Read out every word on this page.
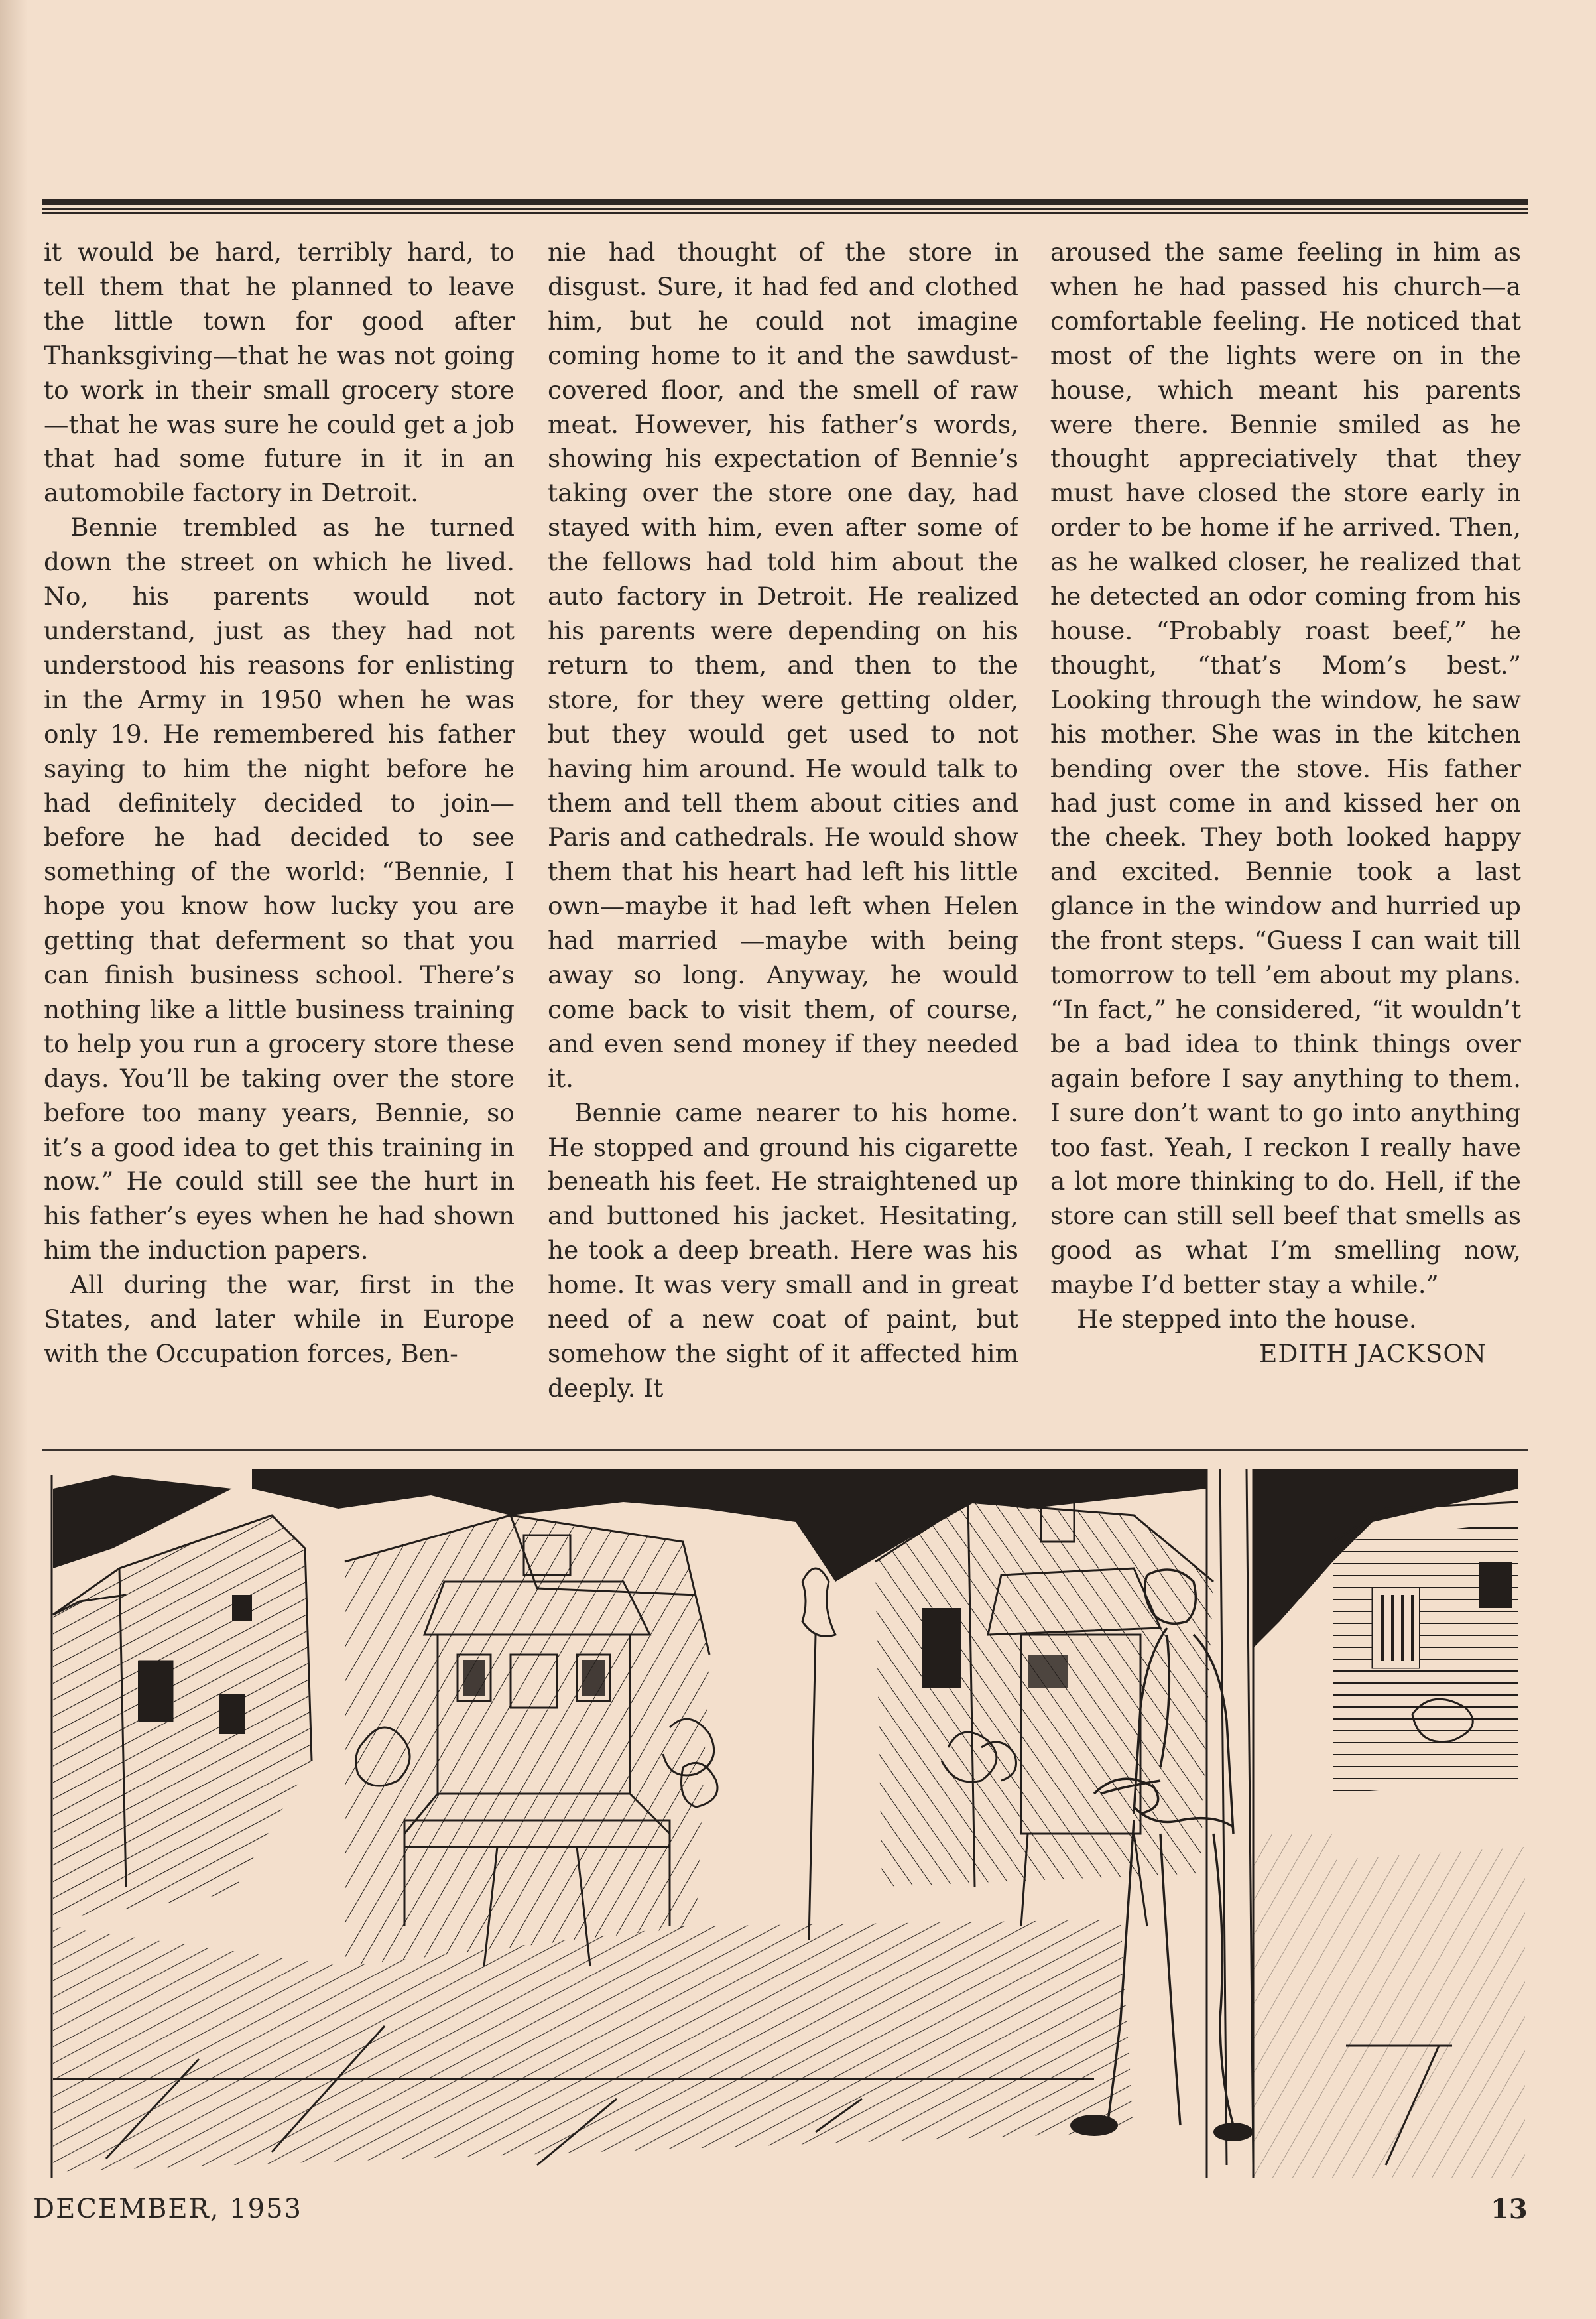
it would be hard, terribly hard, to tell them that he planned to leave the little town for good after Thanksgiving—that he was not going to work in their small grocery store—that he was sure he could get a job that had some future in it in an automobile factory in Detroit.

Bennie trembled as he turned down the street on which he lived. No, his parents would not understand, just as they had not understood his reasons for enlisting in the Army in 1950 when he was only 19. He remembered his father saying to him the night before he had definitely decided to join—before he had decided to see something of the world: “Bennie, I hope you know how lucky you are getting that deferment so that you can finish business school. There’s nothing like a little business training to help you run a grocery store these days. You’ll be taking over the store before too many years, Bennie, so it’s a good idea to get this training in now.” He could still see the hurt in his father’s eyes when he had shown him the induction papers.

All during the war, first in the States, and later while in Europe with the Occupation forces, Ben-

nie had thought of the store in disgust. Sure, it had fed and clothed him, but he could not imagine coming home to it and the sawdust-covered floor, and the smell of raw meat. However, his father’s words, showing his expectation of Bennie’s taking over the store one day, had stayed with him, even after some of the fellows had told him about the auto factory in Detroit. He realized his parents were depending on his return to them, and then to the store, for they were getting older, but they would get used to not having him around. He would talk to them and tell them about cities and Paris and cathedrals. He would show them that his heart had left his little own—maybe it had left when Helen had married —maybe with being away so long. Anyway, he would come back to visit them, of course, and even send money if they needed it.

Bennie came nearer to his home. He stopped and ground his cigarette beneath his feet. He straightened up and buttoned his jacket. Hesitating, he took a deep breath. Here was his home. It was very small and in great need of a new coat of paint, but somehow the sight of it affected him deeply. It

aroused the same feeling in him as when he had passed his church—a comfortable feeling. He noticed that most of the lights were on in the house, which meant his parents were there. Bennie smiled as he thought appreciatively that they must have closed the store early in order to be home if he arrived. Then, as he walked closer, he realized that he detected an odor coming from his house. “Probably roast beef,” he thought, “that’s Mom’s best.” Looking through the window, he saw his mother. She was in the kitchen bending over the stove. His father had just come in and kissed her on the cheek. They both looked happy and excited. Bennie took a last glance in the window and hurried up the front steps. “Guess I can wait till tomorrow to tell ’em about my plans. “In fact,” he considered, “it wouldn’t be a bad idea to think things over again before I say anything to them. I sure don’t want to go into anything too fast. Yeah, I reckon I really have a lot more thinking to do. Hell, if the store can still sell beef that smells as good as what I’m smelling now, maybe I’d better stay a while.”

He stepped into the house.

EDITH JACKSON

DECEMBER, 1953	13
